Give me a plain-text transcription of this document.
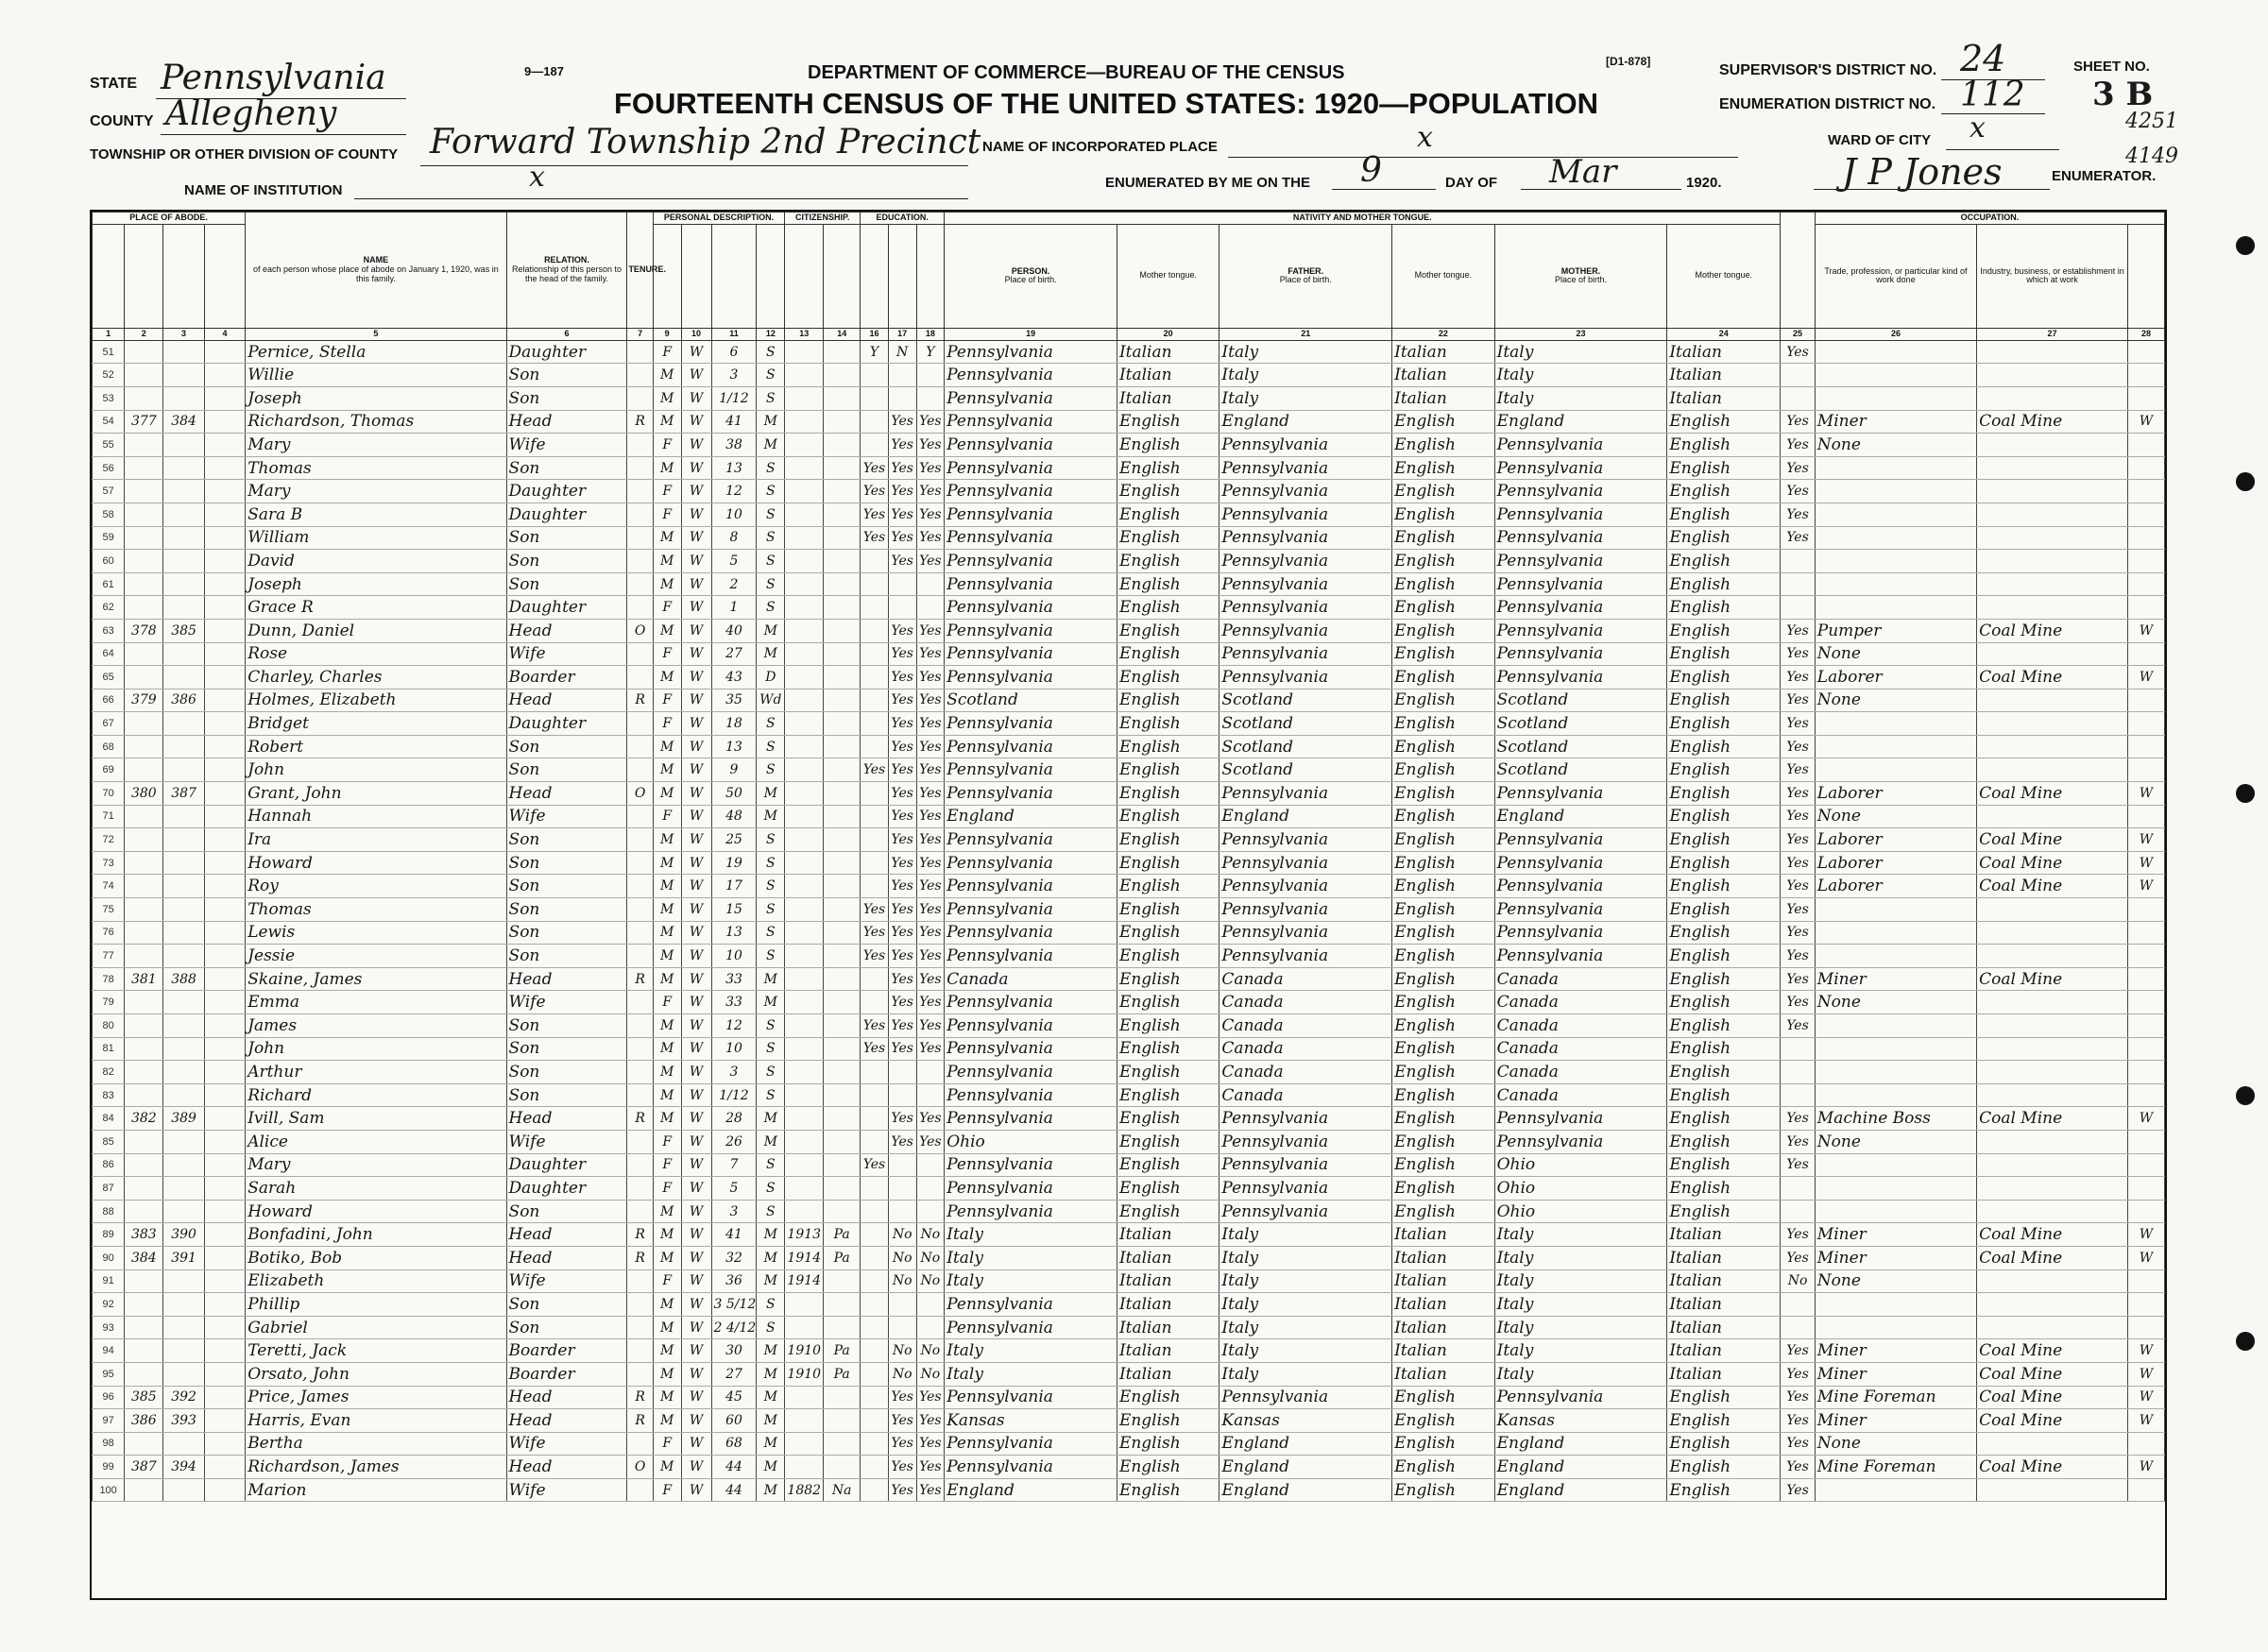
STATE Pennsylvania
COUNTY Allegheny
TOWNSHIP OR OTHER DIVISION OF COUNTY Forward Township 2nd Precinct
NAME OF INSTITUTION	x
9—187	DEPARTMENT OF COMMERCE—BUREAU OF THE CENSUS
[D1-878]
FOURTEENTH CENSUS OF THE UNITED STATES: 1920—POPULATION
NAME OF INCORPORATED PLACE	x
ENUMERATED BY ME ON THE 9	DAY OF Mar	1920.
SUPERVISOR'S DISTRICT NO. 24
ENUMERATION DISTRICT NO. 112
SHEET NO.
3 B
WARD OF CITY x
J P Jones	ENUMERATOR.
4251 4149
PLACE OF ABODE.				NAME
of each person whose place of abode on January 1, 1920, was in this family.	RELATION.
Relationship of this person to the head of the family.	TENURE.	PERSONAL DESCRIPTION.				CITIZENSHIP.		EDUCATION.			NATIVITY AND MOTHER TONGUE.							OCCUPATION.		
																PERSON.
Place of birth.	Mother tongue.	FATHER.
Place of birth.	Mother tongue.	MOTHER.
Place of birth.	Mother tongue.		Trade, profession, or particular kind of work done	Industry, business, or establishment in which at work	
1	2	3	4	5	6	7	9	10	11	12	13	14	16	17	18	19	20	21	22	23	24	25	26	27	28
51				Pernice, Stella	Daughter		F	W	6	S			Y	N	Y	Pennsylvania	Italian	Italy	Italian	Italy	Italian	Yes			
52				Willie	Son		M	W	3	S						Pennsylvania	Italian	Italy	Italian	Italy	Italian				
53				Joseph	Son		M	W	1/12	S						Pennsylvania	Italian	Italy	Italian	Italy	Italian				
54	377	384		Richardson, Thomas	Head	R	M	W	41	M				Yes	Yes	Pennsylvania	English	England	English	England	English	Yes	Miner	Coal Mine	W
55				Mary	Wife		F	W	38	M				Yes	Yes	Pennsylvania	English	Pennsylvania	English	Pennsylvania	English	Yes	None		
56				Thomas	Son		M	W	13	S			Yes	Yes	Yes	Pennsylvania	English	Pennsylvania	English	Pennsylvania	English	Yes			
57				Mary	Daughter		F	W	12	S			Yes	Yes	Yes	Pennsylvania	English	Pennsylvania	English	Pennsylvania	English	Yes			
58				Sara B	Daughter		F	W	10	S			Yes	Yes	Yes	Pennsylvania	English	Pennsylvania	English	Pennsylvania	English	Yes			
59				William	Son		M	W	8	S			Yes	Yes	Yes	Pennsylvania	English	Pennsylvania	English	Pennsylvania	English	Yes			
60				David	Son		M	W	5	S				Yes	Yes	Pennsylvania	English	Pennsylvania	English	Pennsylvania	English				
61				Joseph	Son		M	W	2	S						Pennsylvania	English	Pennsylvania	English	Pennsylvania	English				
62				Grace R	Daughter		F	W	1	S						Pennsylvania	English	Pennsylvania	English	Pennsylvania	English				
63	378	385		Dunn, Daniel	Head	O	M	W	40	M				Yes	Yes	Pennsylvania	English	Pennsylvania	English	Pennsylvania	English	Yes	Pumper	Coal Mine	W
64				Rose	Wife		F	W	27	M				Yes	Yes	Pennsylvania	English	Pennsylvania	English	Pennsylvania	English	Yes	None		
65				Charley, Charles	Boarder		M	W	43	D				Yes	Yes	Pennsylvania	English	Pennsylvania	English	Pennsylvania	English	Yes	Laborer	Coal Mine	W
66	379	386		Holmes, Elizabeth	Head	R	F	W	35	Wd				Yes	Yes	Scotland	English	Scotland	English	Scotland	English	Yes	None		
67				Bridget	Daughter		F	W	18	S				Yes	Yes	Pennsylvania	English	Scotland	English	Scotland	English	Yes			
68				Robert	Son		M	W	13	S				Yes	Yes	Pennsylvania	English	Scotland	English	Scotland	English	Yes			
69				John	Son		M	W	9	S			Yes	Yes	Yes	Pennsylvania	English	Scotland	English	Scotland	English	Yes			
70	380	387		Grant, John	Head	O	M	W	50	M				Yes	Yes	Pennsylvania	English	Pennsylvania	English	Pennsylvania	English	Yes	Laborer	Coal Mine	W
71				Hannah	Wife		F	W	48	M				Yes	Yes	England	English	England	English	England	English	Yes	None		
72				Ira	Son		M	W	25	S				Yes	Yes	Pennsylvania	English	Pennsylvania	English	Pennsylvania	English	Yes	Laborer	Coal Mine	W
73				Howard	Son		M	W	19	S				Yes	Yes	Pennsylvania	English	Pennsylvania	English	Pennsylvania	English	Yes	Laborer	Coal Mine	W
74				Roy	Son		M	W	17	S				Yes	Yes	Pennsylvania	English	Pennsylvania	English	Pennsylvania	English	Yes	Laborer	Coal Mine	W
75				Thomas	Son		M	W	15	S			Yes	Yes	Yes	Pennsylvania	English	Pennsylvania	English	Pennsylvania	English	Yes			
76				Lewis	Son		M	W	13	S			Yes	Yes	Yes	Pennsylvania	English	Pennsylvania	English	Pennsylvania	English	Yes			
77				Jessie	Son		M	W	10	S			Yes	Yes	Yes	Pennsylvania	English	Pennsylvania	English	Pennsylvania	English	Yes			
78	381	388		Skaine, James	Head	R	M	W	33	M				Yes	Yes	Canada	English	Canada	English	Canada	English	Yes	Miner	Coal Mine	
79				Emma	Wife		F	W	33	M				Yes	Yes	Pennsylvania	English	Canada	English	Canada	English	Yes	None		
80				James	Son		M	W	12	S			Yes	Yes	Yes	Pennsylvania	English	Canada	English	Canada	English	Yes			
81				John	Son		M	W	10	S			Yes	Yes	Yes	Pennsylvania	English	Canada	English	Canada	English				
82				Arthur	Son		M	W	3	S						Pennsylvania	English	Canada	English	Canada	English				
83				Richard	Son		M	W	1/12	S						Pennsylvania	English	Canada	English	Canada	English				
84	382	389		Ivill, Sam	Head	R	M	W	28	M				Yes	Yes	Pennsylvania	English	Pennsylvania	English	Pennsylvania	English	Yes	Machine Boss	Coal Mine	W
85				Alice	Wife		F	W	26	M				Yes	Yes	Ohio	English	Pennsylvania	English	Pennsylvania	English	Yes	None		
86				Mary	Daughter		F	W	7	S			Yes			Pennsylvania	English	Pennsylvania	English	Ohio	English	Yes			
87				Sarah	Daughter		F	W	5	S						Pennsylvania	English	Pennsylvania	English	Ohio	English				
88				Howard	Son		M	W	3	S						Pennsylvania	English	Pennsylvania	English	Ohio	English				
89	383	390		Bonfadini, John	Head	R	M	W	41	M	1913	Pa		No	No	Italy	Italian	Italy	Italian	Italy	Italian	Yes	Miner	Coal Mine	W
90	384	391		Botiko, Bob	Head	R	M	W	32	M	1914	Pa		No	No	Italy	Italian	Italy	Italian	Italy	Italian	Yes	Miner	Coal Mine	W
91				Elizabeth	Wife		F	W	36	M	1914			No	No	Italy	Italian	Italy	Italian	Italy	Italian	No	None		
92				Phillip	Son		M	W	3 5/12	S						Pennsylvania	Italian	Italy	Italian	Italy	Italian				
93				Gabriel	Son		M	W	2 4/12	S						Pennsylvania	Italian	Italy	Italian	Italy	Italian				
94				Teretti, Jack	Boarder		M	W	30	M	1910	Pa		No	No	Italy	Italian	Italy	Italian	Italy	Italian	Yes	Miner	Coal Mine	W
95				Orsato, John	Boarder		M	W	27	M	1910	Pa		No	No	Italy	Italian	Italy	Italian	Italy	Italian	Yes	Miner	Coal Mine	W
96	385	392		Price, James	Head	R	M	W	45	M				Yes	Yes	Pennsylvania	English	Pennsylvania	English	Pennsylvania	English	Yes	Mine Foreman	Coal Mine	W
97	386	393		Harris, Evan	Head	R	M	W	60	M				Yes	Yes	Kansas	English	Kansas	English	Kansas	English	Yes	Miner	Coal Mine	W
98				Bertha	Wife		F	W	68	M				Yes	Yes	Pennsylvania	English	England	English	England	English	Yes	None		
99	387	394		Richardson, James	Head	O	M	W	44	M				Yes	Yes	Pennsylvania	English	England	English	England	English	Yes	Mine Foreman	Coal Mine	W
100				Marion	Wife		F	W	44	M	1882	Na		Yes	Yes	England	English	England	English	England	English	Yes			
